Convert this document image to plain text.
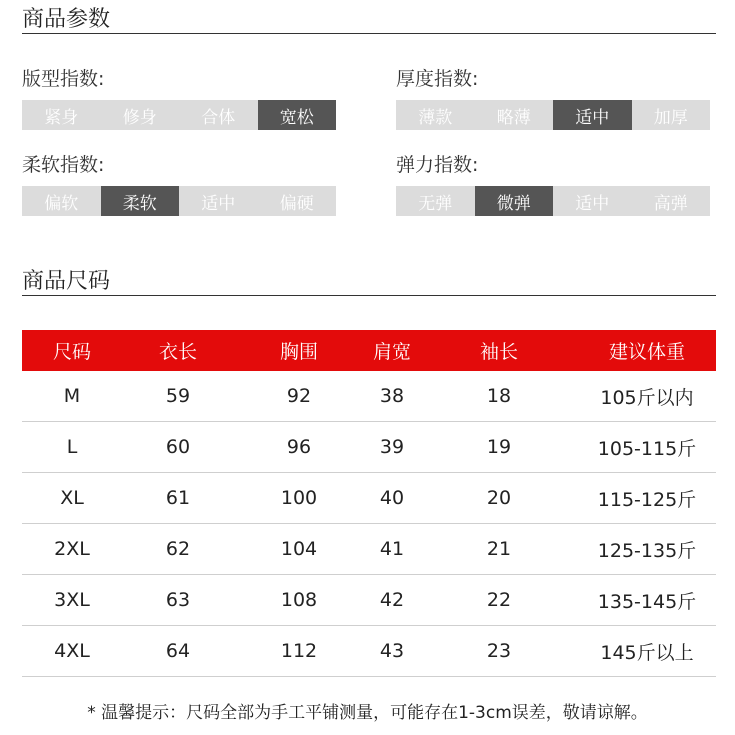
商品参数
版型指数:
紧身	修身	合体	宽松
厚度指数:
薄款	略薄	适中	加厚
柔软指数:
偏软	柔软	适中	偏硬
弹力指数:
无弹	微弹	适中	高弹
商品尺码
尺码	衣长	胸围	肩宽	袖长	建议体重
M	59	92	38	18	105斤以内
L	60	96	39	19	105-115斤
XL	61	100	40	20	115-125斤
2XL	62	104	41	21	125-135斤
3XL	63	108	42	22	135-145斤
4XL	64	112	43	23	145斤以上
* 温馨提示：尺码全部为手工平铺测量，可能存在1-3cm误差，敬请谅解。
